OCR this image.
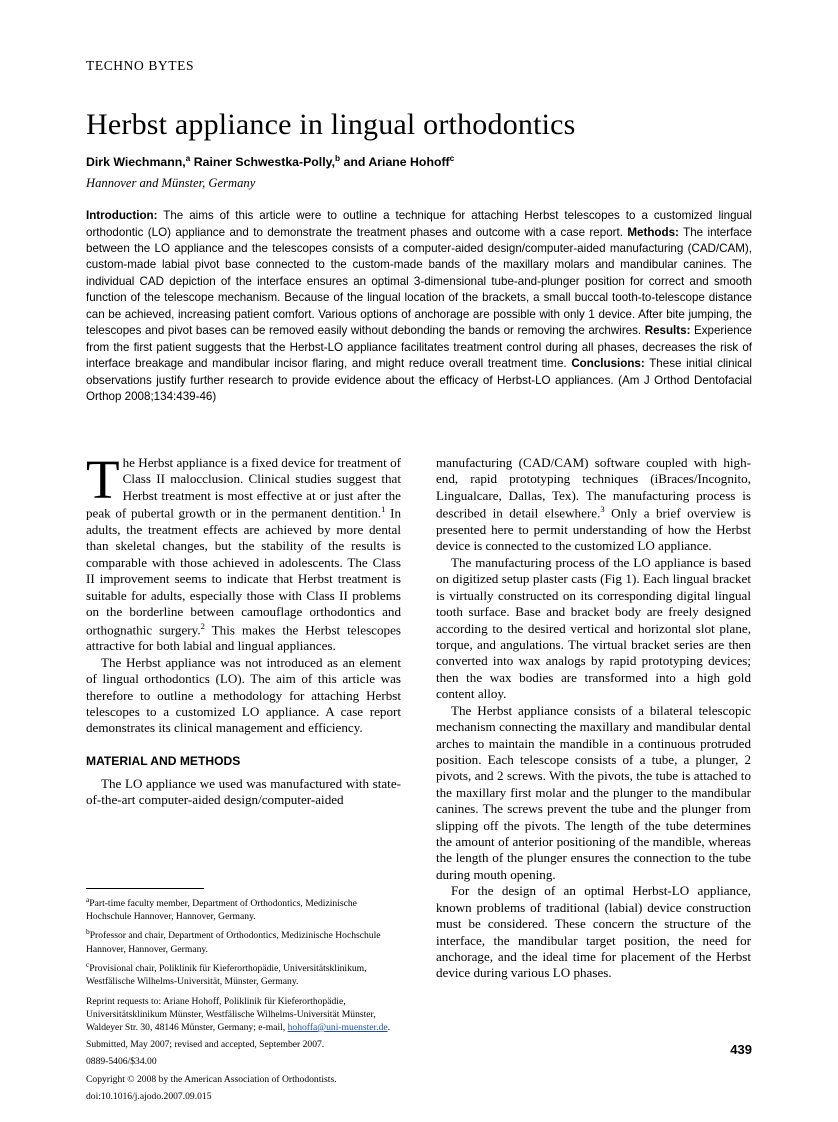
TECHNO BYTES
Herbst appliance in lingual orthodontics
Dirk Wiechmann,$^a$ Rainer Schwestka-Polly,$^b$ and Ariane Hohoff$^c$
Hannover and Münster, Germany
Introduction: The aims of this article were to outline a technique for attaching Herbst telescopes to a customized lingual orthodontic (LO) appliance and to demonstrate the treatment phases and outcome with a case report. Methods: The interface between the LO appliance and the telescopes consists of a computer-aided design/computer-aided manufacturing (CAD/CAM), custom-made labial pivot base connected to the custom-made bands of the maxillary molars and mandibular canines. The individual CAD depiction of the interface ensures an optimal 3-dimensional tube-and-plunger position for correct and smooth function of the telescope mechanism. Because of the lingual location of the brackets, a small buccal tooth-to-telescope distance can be achieved, increasing patient comfort. Various options of anchorage are possible with only 1 device. After bite jumping, the telescopes and pivot bases can be removed easily without debonding the bands or removing the archwires. Results: Experience from the first patient suggests that the Herbst-LO appliance facilitates treatment control during all phases, decreases the risk of interface breakage and mandibular incisor flaring, and might reduce overall treatment time. Conclusions: These initial clinical observations justify further research to provide evidence about the efficacy of Herbst-LO appliances. (Am J Orthod Dentofacial Orthop 2008;134:439-46)

The Herbst appliance is a fixed device for treatment of Class II malocclusion. Clinical studies suggest that Herbst treatment is most effective at or just after the peak of pubertal growth or in the permanent dentition.$^1$ In adults, the treatment effects are achieved by more dental than skeletal changes, but the stability of the results is comparable with those achieved in adolescents. The Class II improvement seems to indicate that Herbst treatment is suitable for adults, especially those with Class II problems on the borderline between camouflage orthodontics and orthognathic surgery.$^2$ This makes the Herbst telescopes attractive for both labial and lingual appliances.

The Herbst appliance was not introduced as an element of lingual orthodontics (LO). The aim of this article was therefore to outline a methodology for attaching Herbst telescopes to a customized LO appliance. A case report demonstrates its clinical management and efficiency.

MATERIAL AND METHODS

The LO appliance we used was manufactured with state-of-the-art computer-aided design/computer-aided

manufacturing (CAD/CAM) software coupled with high-end, rapid prototyping techniques (iBraces/Incognito, Lingualcare, Dallas, Tex). The manufacturing process is described in detail elsewhere.$^3$ Only a brief overview is presented here to permit understanding of how the Herbst device is connected to the customized LO appliance.

The manufacturing process of the LO appliance is based on digitized setup plaster casts (Fig 1). Each lingual bracket is virtually constructed on its corresponding digital lingual tooth surface. Base and bracket body are freely designed according to the desired vertical and horizontal slot plane, torque, and angulations. The virtual bracket series are then converted into wax analogs by rapid prototyping devices; then the wax bodies are transformed into a high gold content alloy.

The Herbst appliance consists of a bilateral telescopic mechanism connecting the maxillary and mandibular dental arches to maintain the mandible in a continuous protruded position. Each telescope consists of a tube, a plunger, 2 pivots, and 2 screws. With the pivots, the tube is attached to the maxillary first molar and the plunger to the mandibular canines. The screws prevent the tube and the plunger from slipping off the pivots. The length of the tube determines the amount of anterior positioning of the mandible, whereas the length of the plunger ensures the connection to the tube during mouth opening.

For the design of an optimal Herbst-LO appliance, known problems of traditional (labial) device construction must be considered. These concern the structure of the interface, the mandibular target position, the need for anchorage, and the ideal time for placement of the Herbst device during various LO phases.

$^a$Part-time faculty member, Department of Orthodontics, Medizinische Hochschule Hannover, Hannover, Germany.

$^b$Professor and chair, Department of Orthodontics, Medizinische Hochschule Hannover, Hannover, Germany.

$^c$Provisional chair, Poliklinik für Kieferorthopädie, Universitätsklinikum, Westfälische Wilhelms-Universität, Münster, Germany.

Reprint requests to: Ariane Hohoff, Poliklinik für Kieferorthopädie, Universitätsklinikum Münster, Westfälische Wilhelms-Universität Münster, Waldeyer Str. 30, 48146 Münster, Germany; e-mail, hohoffa@uni-muenster.de.

Submitted, May 2007; revised and accepted, September 2007.

0889-5406/$34.00

Copyright © 2008 by the American Association of Orthodontists.

doi:10.1016/j.ajodo.2007.09.015

439
